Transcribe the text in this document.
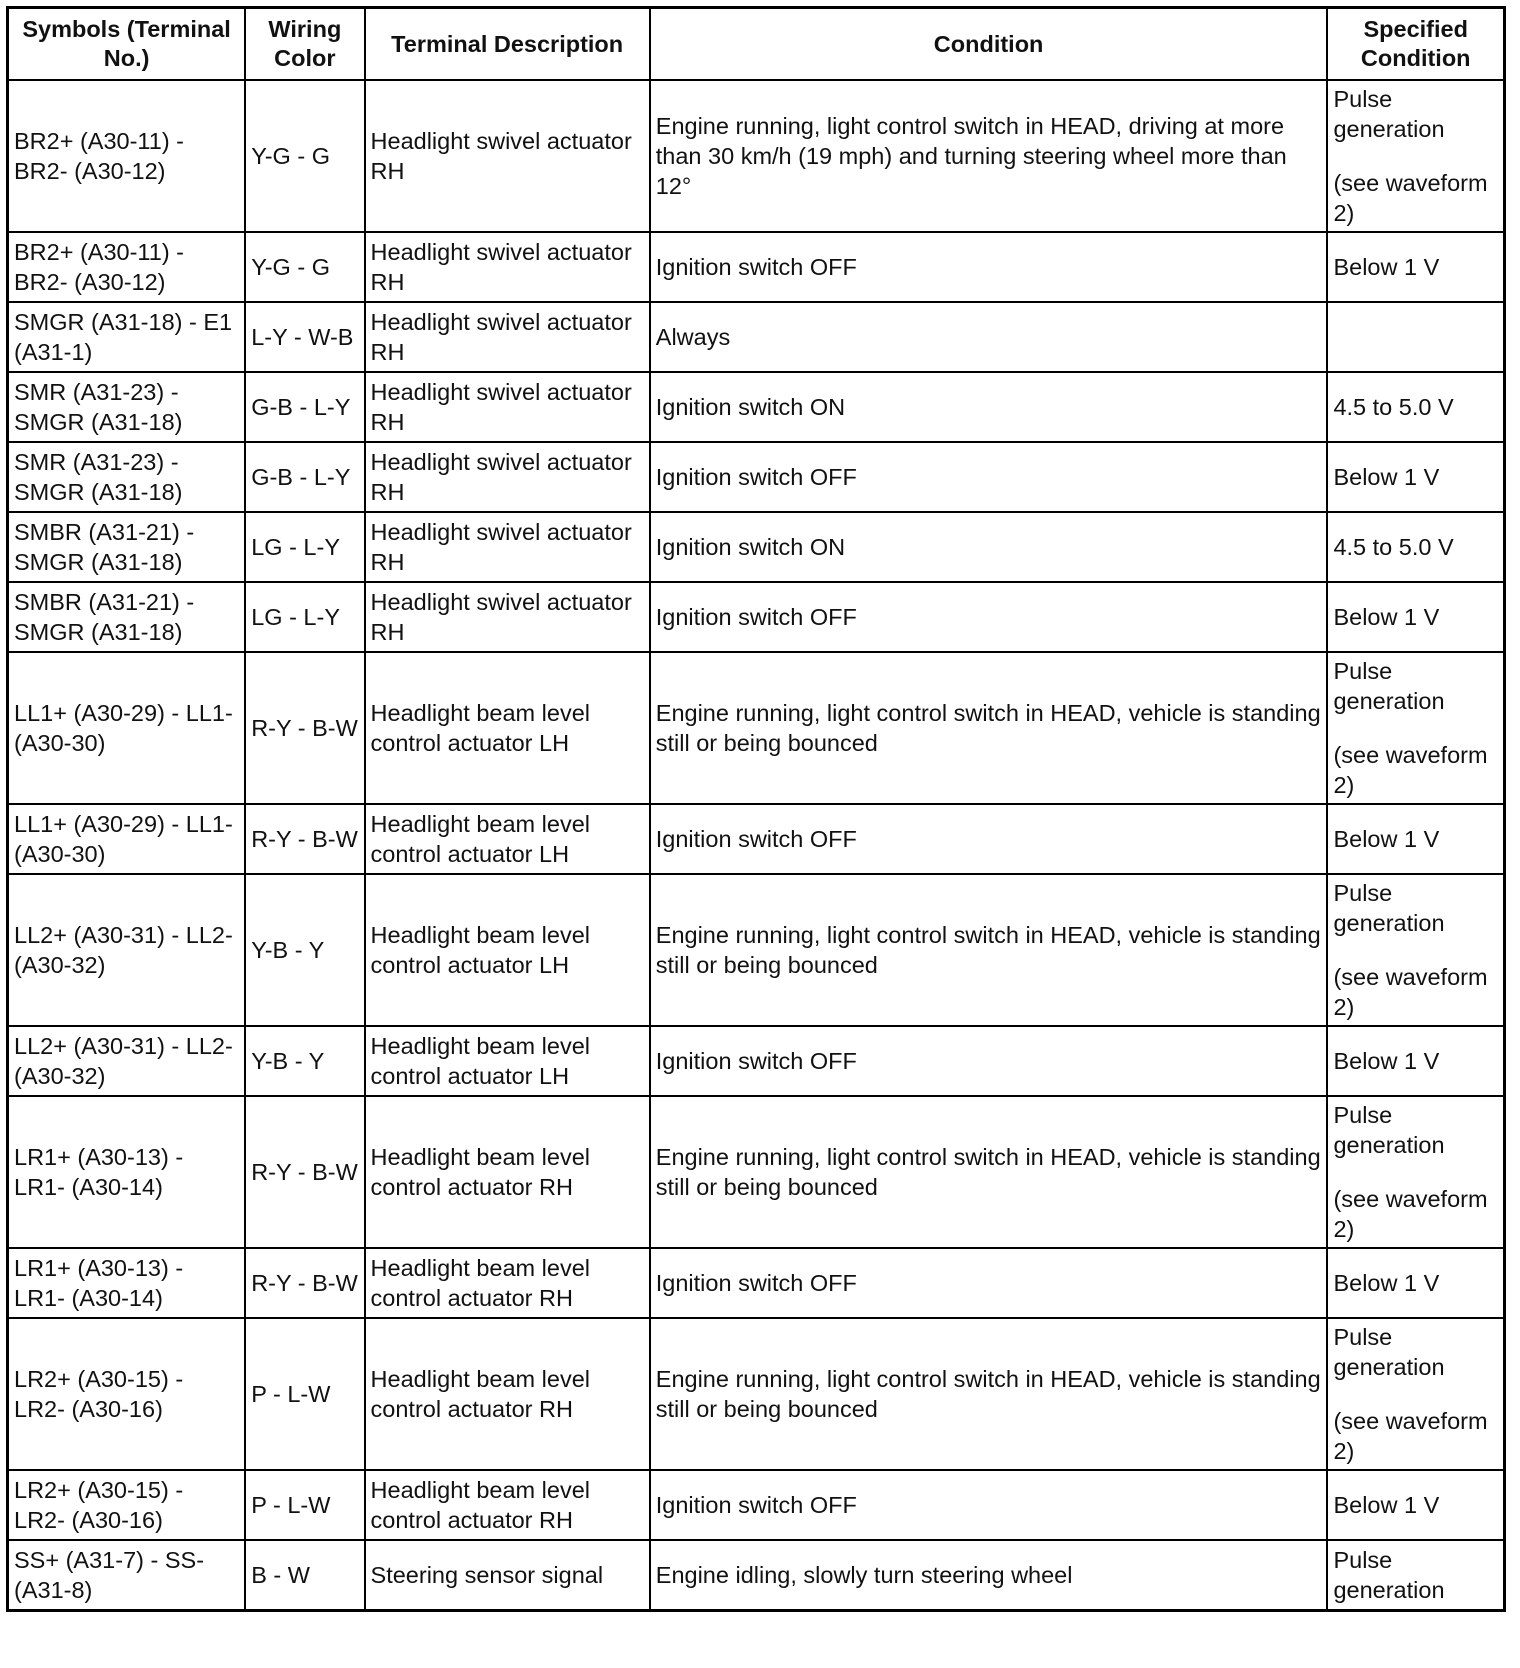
Symbols (Terminal No.)	Wiring Color	Terminal Description	Condition	Specified Condition
BR2+ (A30-11) - BR2- (A30-12)	Y-G - G	Headlight swivel actuator RH	Engine running, light control switch in HEAD, driving at more than 30 km/h (19 mph) and turning steering wheel more than 12°	Pulse generation
(see waveform 2)

BR2+ (A30-11) - BR2- (A30-12)	Y-G - G	Headlight swivel actuator RH	Ignition switch OFF	Below 1 V
SMGR (A31-18) - E1 (A31-1)	L-Y - W-B	Headlight swivel actuator RH	Always	
SMR (A31-23) - SMGR (A31-18)	G-B - L-Y	Headlight swivel actuator RH	Ignition switch ON	4.5 to 5.0 V
SMR (A31-23) - SMGR (A31-18)	G-B - L-Y	Headlight swivel actuator RH	Ignition switch OFF	Below 1 V
SMBR (A31-21) - SMGR (A31-18)	LG - L-Y	Headlight swivel actuator RH	Ignition switch ON	4.5 to 5.0 V
SMBR (A31-21) - SMGR (A31-18)	LG - L-Y	Headlight swivel actuator RH	Ignition switch OFF	Below 1 V
LL1+ (A30-29) - LL1- (A30-30)	R-Y - B-W	Headlight beam level control actuator LH	Engine running, light control switch in HEAD, vehicle is standing still or being bounced	Pulse generation
(see waveform 2)

LL1+ (A30-29) - LL1- (A30-30)	R-Y - B-W	Headlight beam level control actuator LH	Ignition switch OFF	Below 1 V
LL2+ (A30-31) - LL2- (A30-32)	Y-B - Y	Headlight beam level control actuator LH	Engine running, light control switch in HEAD, vehicle is standing still or being bounced	Pulse generation
(see waveform 2)

LL2+ (A30-31) - LL2- (A30-32)	Y-B - Y	Headlight beam level control actuator LH	Ignition switch OFF	Below 1 V
LR1+ (A30-13) - LR1- (A30-14)	R-Y - B-W	Headlight beam level control actuator RH	Engine running, light control switch in HEAD, vehicle is standing still or being bounced	Pulse generation
(see waveform 2)

LR1+ (A30-13) - LR1- (A30-14)	R-Y - B-W	Headlight beam level control actuator RH	Ignition switch OFF	Below 1 V
LR2+ (A30-15) - LR2- (A30-16)	P - L-W	Headlight beam level control actuator RH	Engine running, light control switch in HEAD, vehicle is standing still or being bounced	Pulse generation
(see waveform 2)

LR2+ (A30-15) - LR2- (A30-16)	P - L-W	Headlight beam level control actuator RH	Ignition switch OFF	Below 1 V
SS+ (A31-7) - SS- (A31-8)	B - W	Steering sensor signal	Engine idling, slowly turn steering wheel	Pulse generation
